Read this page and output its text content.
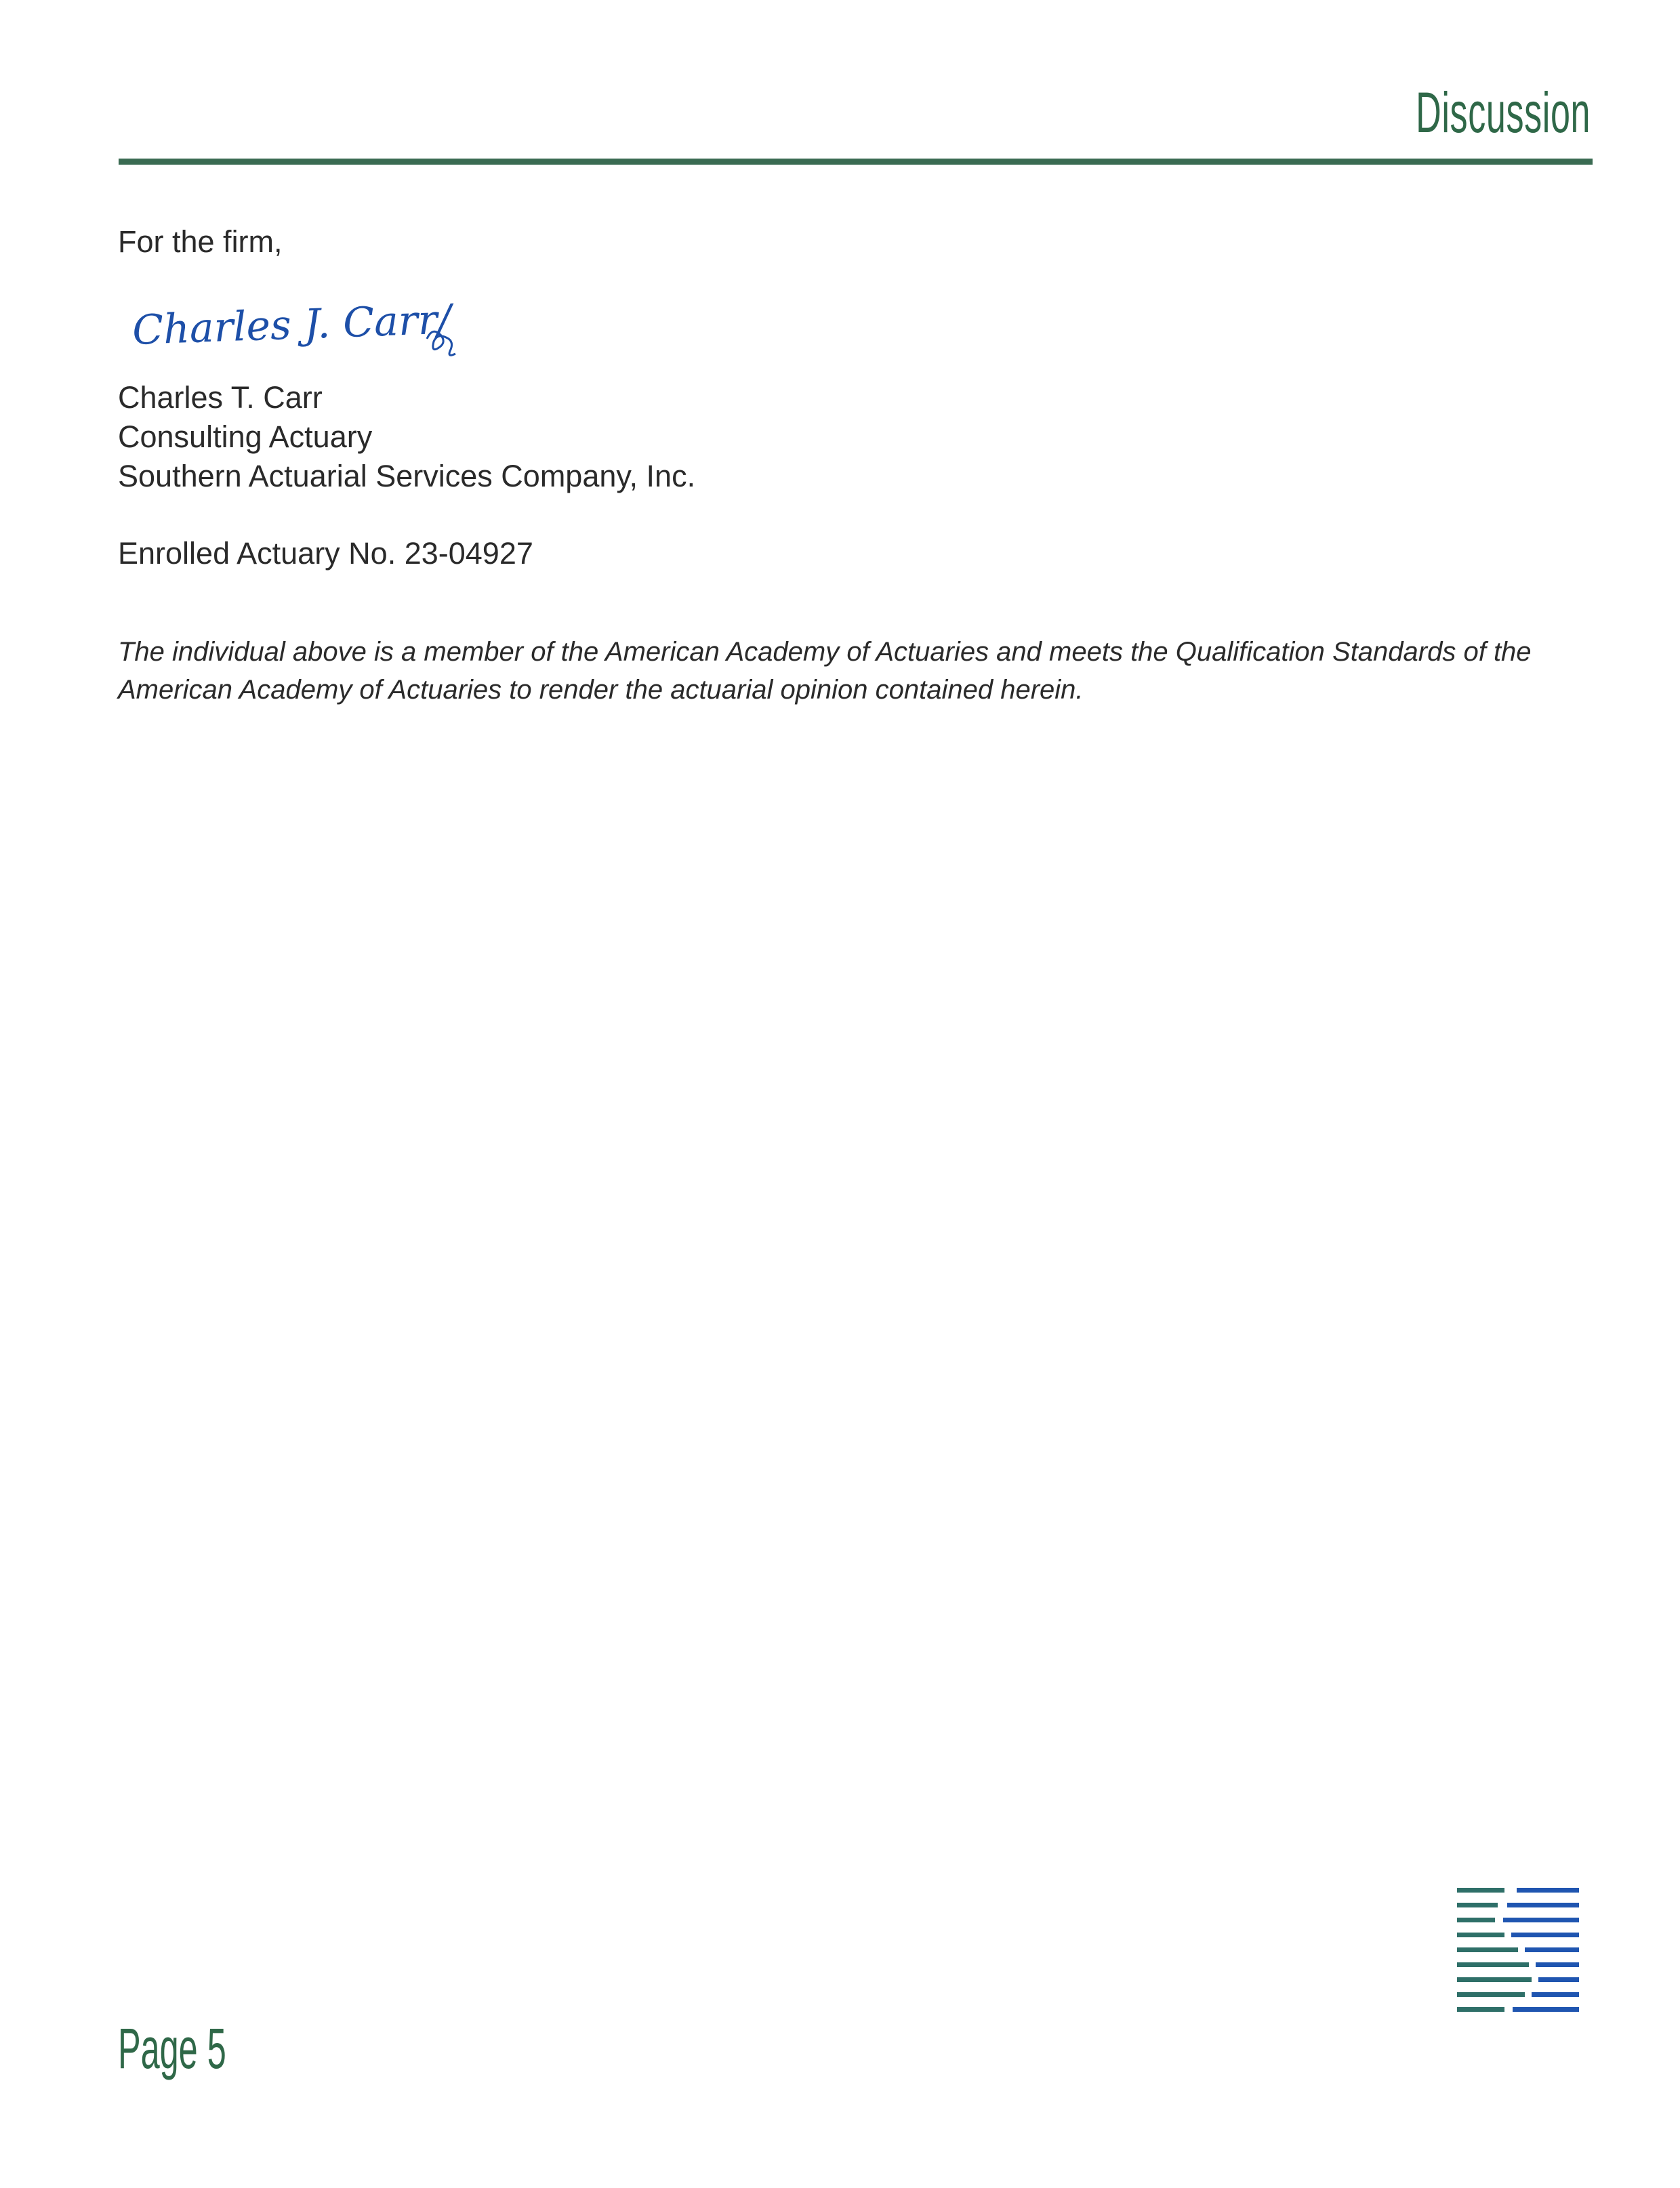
Discussion
For the firm,
Charles J. Carr/
Charles T. Carr
Consulting Actuary
Southern Actuarial Services Company, Inc.
Enrolled Actuary No. 23-04927
The individual above is a member of the American Academy of Actuaries and meets the Qualification Standards of the American Academy of Actuaries to render the actuarial opinion contained herein.
Page 5
